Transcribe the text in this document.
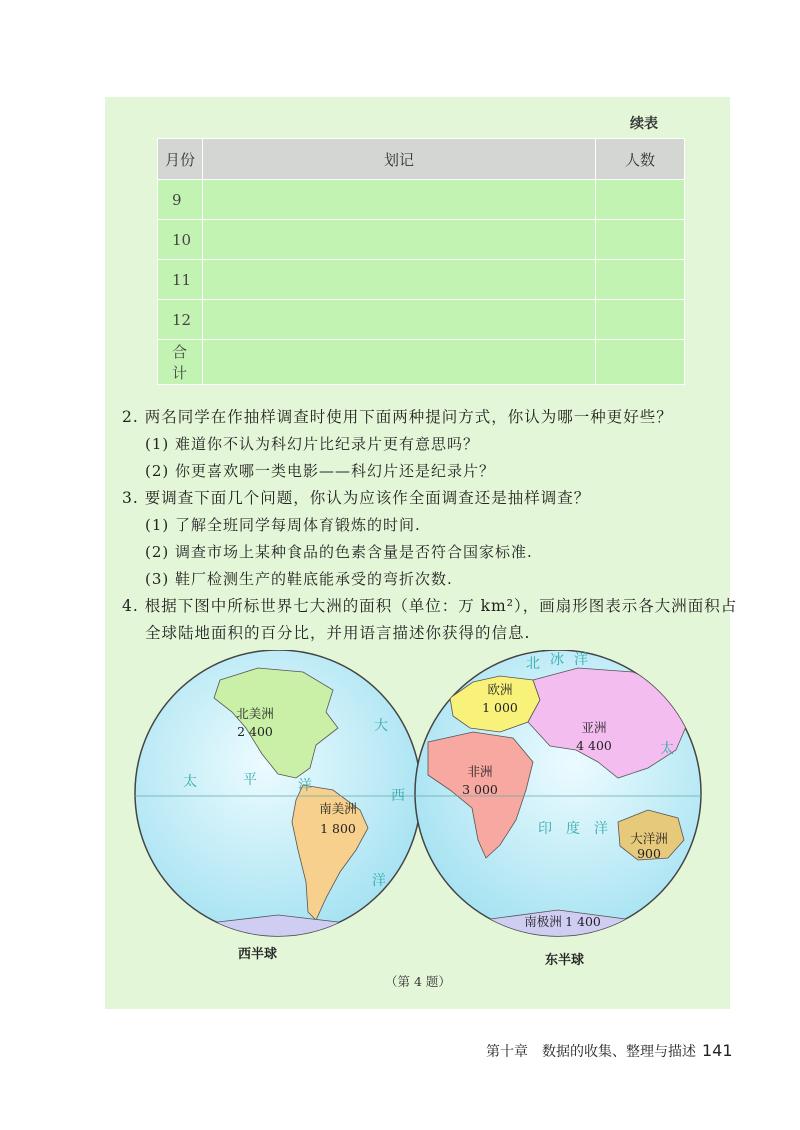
续表
月份	划记	人数
9		
10		
11		
12		
合计		
2. 两名同学在作抽样调查时使用下面两种提问方式，你认为哪一种更好些？
(1) 难道你不认为科幻片比纪录片更有意思吗？
(2) 你更喜欢哪一类电影——科幻片还是纪录片？
3. 要调查下面几个问题，你认为应该作全面调查还是抽样调查？
(1) 了解全班同学每周体育锻炼的时间.
(2) 调查市场上某种食品的色素含量是否符合国家标准.
(3) 鞋厂检测生产的鞋底能承受的弯折次数.
4. 根据下图中所标世界七大洲的面积（单位：万 km²），画扇形图表示各大洲面积占
全球陆地面积的百分比，并用语言描述你获得的信息.
北美洲
2 400
南美洲
1 800
欧洲
1 000
亚洲
4 400
非洲
3 000
大洋洲
900
南极洲 1 400
太	平	洋
太
大
西
洋
印 度 洋
北 冰 洋
西半球	东半球
（第 4 题）
第十章　数据的收集、整理与描述 141
